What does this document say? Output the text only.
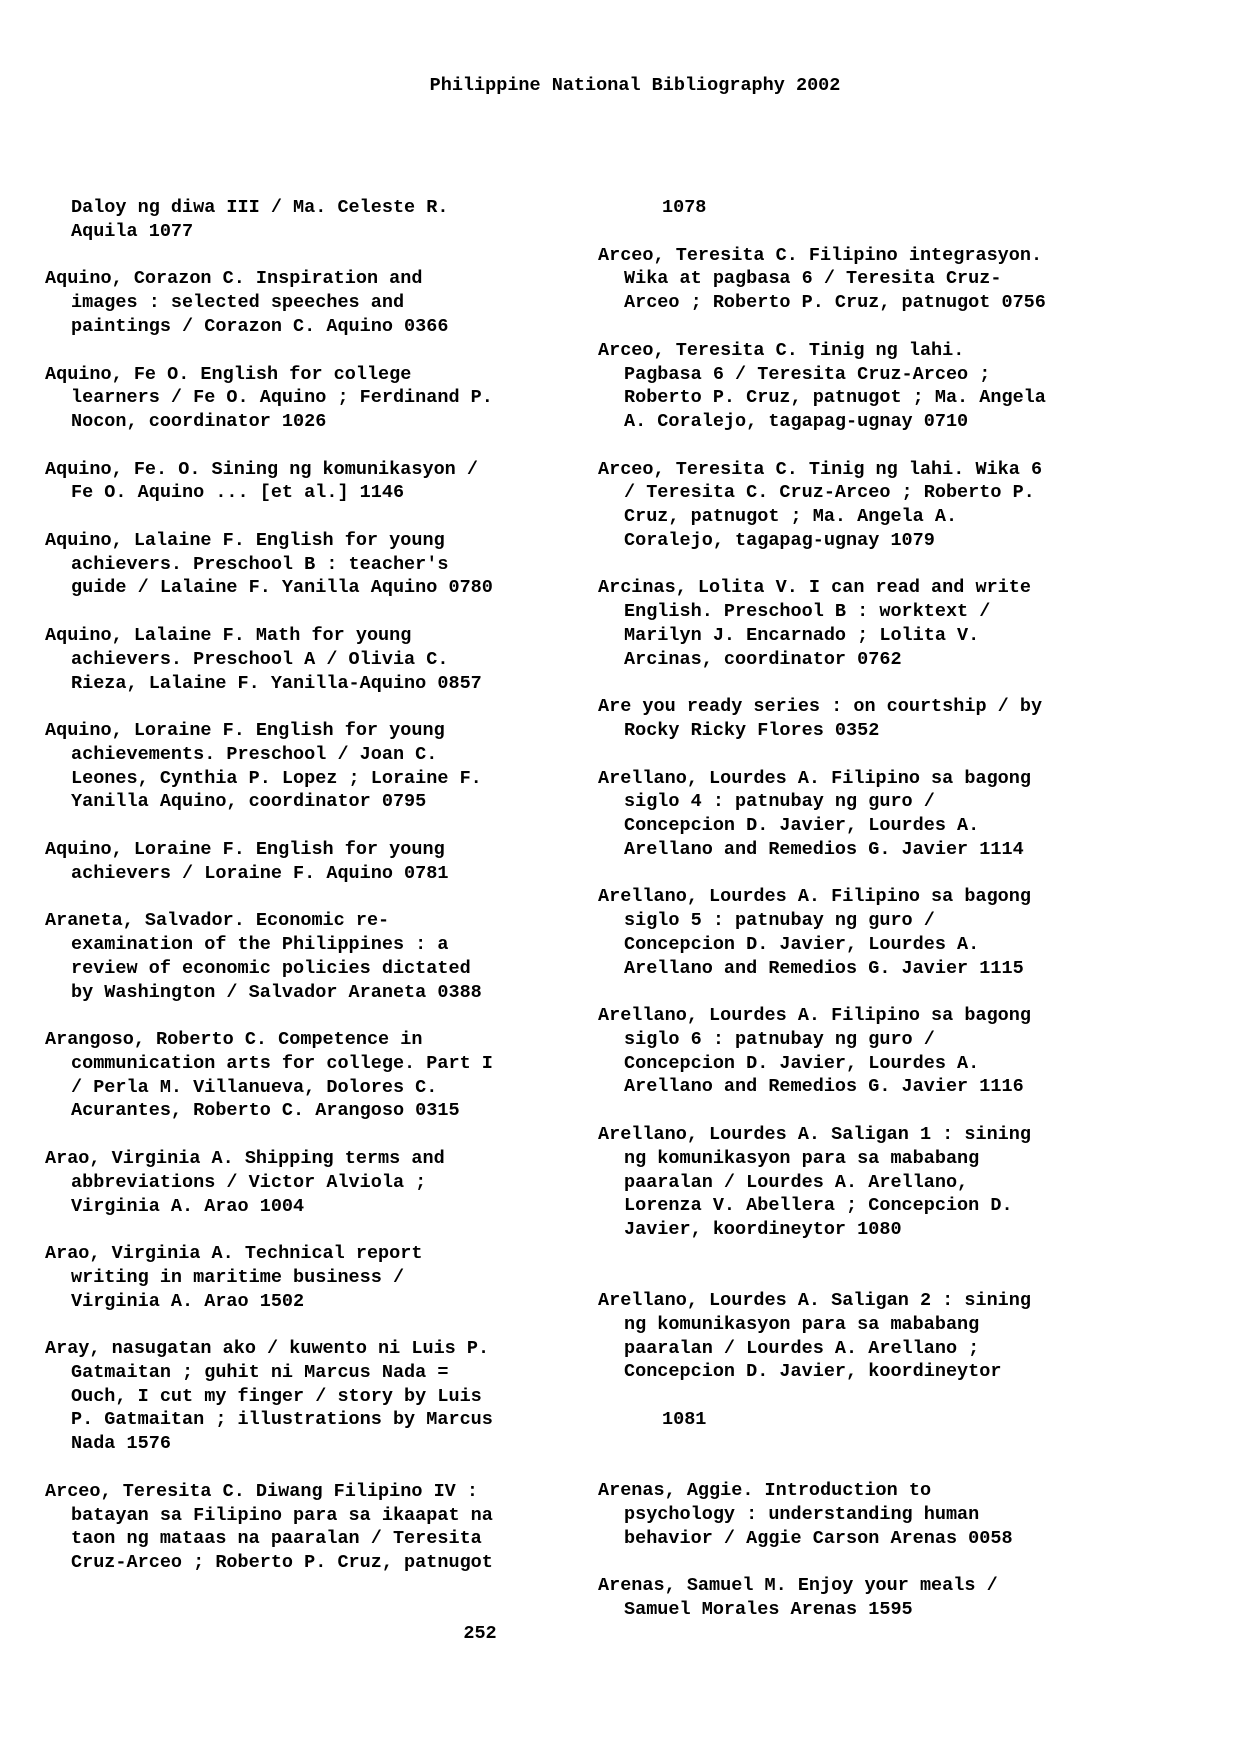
Philippine National Bibliography 2002

Daloy ng diwa III / Ma. Celeste R.
Aquila 1077

Aquino, Corazon C. Inspiration and
images : selected speeches and
paintings / Corazon C. Aquino 0366

Aquino, Fe O. English for college
learners / Fe O. Aquino ; Ferdinand P.
Nocon, coordinator 1026

Aquino, Fe. O. Sining ng komunikasyon /
Fe O. Aquino ... [et al.] 1146

Aquino, Lalaine F. English for young
achievers. Preschool B : teacher's
guide / Lalaine F. Yanilla Aquino 0780

Aquino, Lalaine F. Math for young
achievers. Preschool A / Olivia C.
Rieza, Lalaine F. Yanilla-Aquino 0857

Aquino, Loraine F. English for young
achievements. Preschool / Joan C.
Leones, Cynthia P. Lopez ; Loraine F.
Yanilla Aquino, coordinator 0795

Aquino, Loraine F. English for young
achievers / Loraine F. Aquino 0781

Araneta, Salvador. Economic re-
examination of the Philippines : a
review of economic policies dictated
by Washington / Salvador Araneta 0388

Arangoso, Roberto C. Competence in
communication arts for college. Part I
/ Perla M. Villanueva, Dolores C.
Acurantes, Roberto C. Arangoso 0315

Arao, Virginia A. Shipping terms and
abbreviations / Victor Alviola ;
Virginia A. Arao 1004

Arao, Virginia A. Technical report
writing in maritime business /
Virginia A. Arao 1502

Aray, nasugatan ako / kuwento ni Luis P.
Gatmaitan ; guhit ni Marcus Nada =
Ouch, I cut my finger / story by Luis
P. Gatmaitan ; illustrations by Marcus
Nada 1576

Arceo, Teresita C. Diwang Filipino IV :
batayan sa Filipino para sa ikaapat na
taon ng mataas na paaralan / Teresita
Cruz-Arceo ; Roberto P. Cruz, patnugot

1078

Arceo, Teresita C. Filipino integrasyon.
Wika at pagbasa 6 / Teresita Cruz-
Arceo ; Roberto P. Cruz, patnugot 0756

Arceo, Teresita C. Tinig ng lahi.
Pagbasa 6 / Teresita Cruz-Arceo ;
Roberto P. Cruz, patnugot ; Ma. Angela
A. Coralejo, tagapag-ugnay 0710

Arceo, Teresita C. Tinig ng lahi. Wika 6
/ Teresita C. Cruz-Arceo ; Roberto P.
Cruz, patnugot ; Ma. Angela A.
Coralejo, tagapag-ugnay 1079

Arcinas, Lolita V. I can read and write
English. Preschool B : worktext /
Marilyn J. Encarnado ; Lolita V.
Arcinas, coordinator 0762

Are you ready series : on courtship / by
Rocky Ricky Flores 0352

Arellano, Lourdes A. Filipino sa bagong
siglo 4 : patnubay ng guro /
Concepcion D. Javier, Lourdes A.
Arellano and Remedios G. Javier 1114

Arellano, Lourdes A. Filipino sa bagong
siglo 5 : patnubay ng guro /
Concepcion D. Javier, Lourdes A.
Arellano and Remedios G. Javier 1115

Arellano, Lourdes A. Filipino sa bagong
siglo 6 : patnubay ng guro /
Concepcion D. Javier, Lourdes A.
Arellano and Remedios G. Javier 1116

Arellano, Lourdes A. Saligan 1 : sining
ng komunikasyon para sa mababang
paaralan / Lourdes A. Arellano,
Lorenza V. Abellera ; Concepcion D.
Javier, koordineytor 1080

Arellano, Lourdes A. Saligan 2 : sining
ng komunikasyon para sa mababang
paaralan / Lourdes A. Arellano ;
Concepcion D. Javier, koordineytor

1081

Arenas, Aggie. Introduction to
psychology : understanding human
behavior / Aggie Carson Arenas 0058

Arenas, Samuel M. Enjoy your meals /
Samuel Morales Arenas 1595

252
